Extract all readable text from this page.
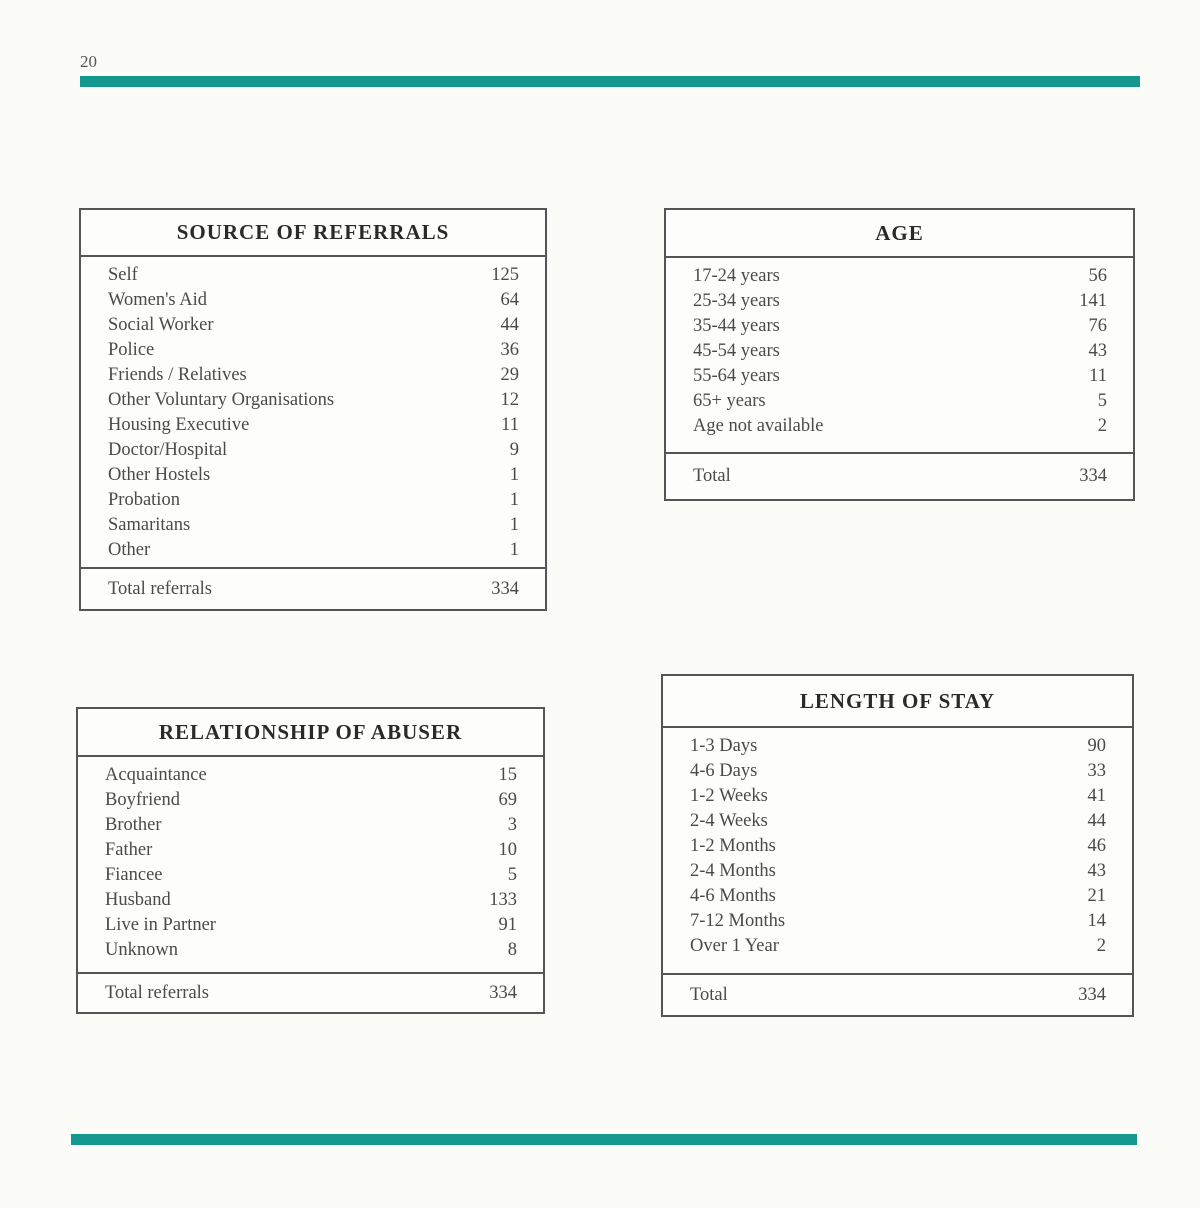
20
SOURCE OF REFERRALS
Self	125
Women's Aid	64
Social Worker	44
Police	36
Friends / Relatives	29
Other Voluntary Organisations	12
Housing Executive	11
Doctor/Hospital	9
Other Hostels	1
Probation	1
Samaritans	1
Other	1
Total referrals	334
AGE
17-24 years	56
25-34 years	141
35-44 years	76
45-54 years	43
55-64 years	11
65+ years	5
Age not available	2
Total	334
RELATIONSHIP OF ABUSER
Acquaintance	15
Boyfriend	69
Brother	3
Father	10
Fiancee	5
Husband	133
Live in Partner	91
Unknown	8
Total referrals	334
LENGTH OF STAY
1-3 Days	90
4-6 Days	33
1-2 Weeks	41
2-4 Weeks	44
1-2 Months	46
2-4 Months	43
4-6 Months	21
7-12 Months	14
Over 1 Year	2
Total	334
